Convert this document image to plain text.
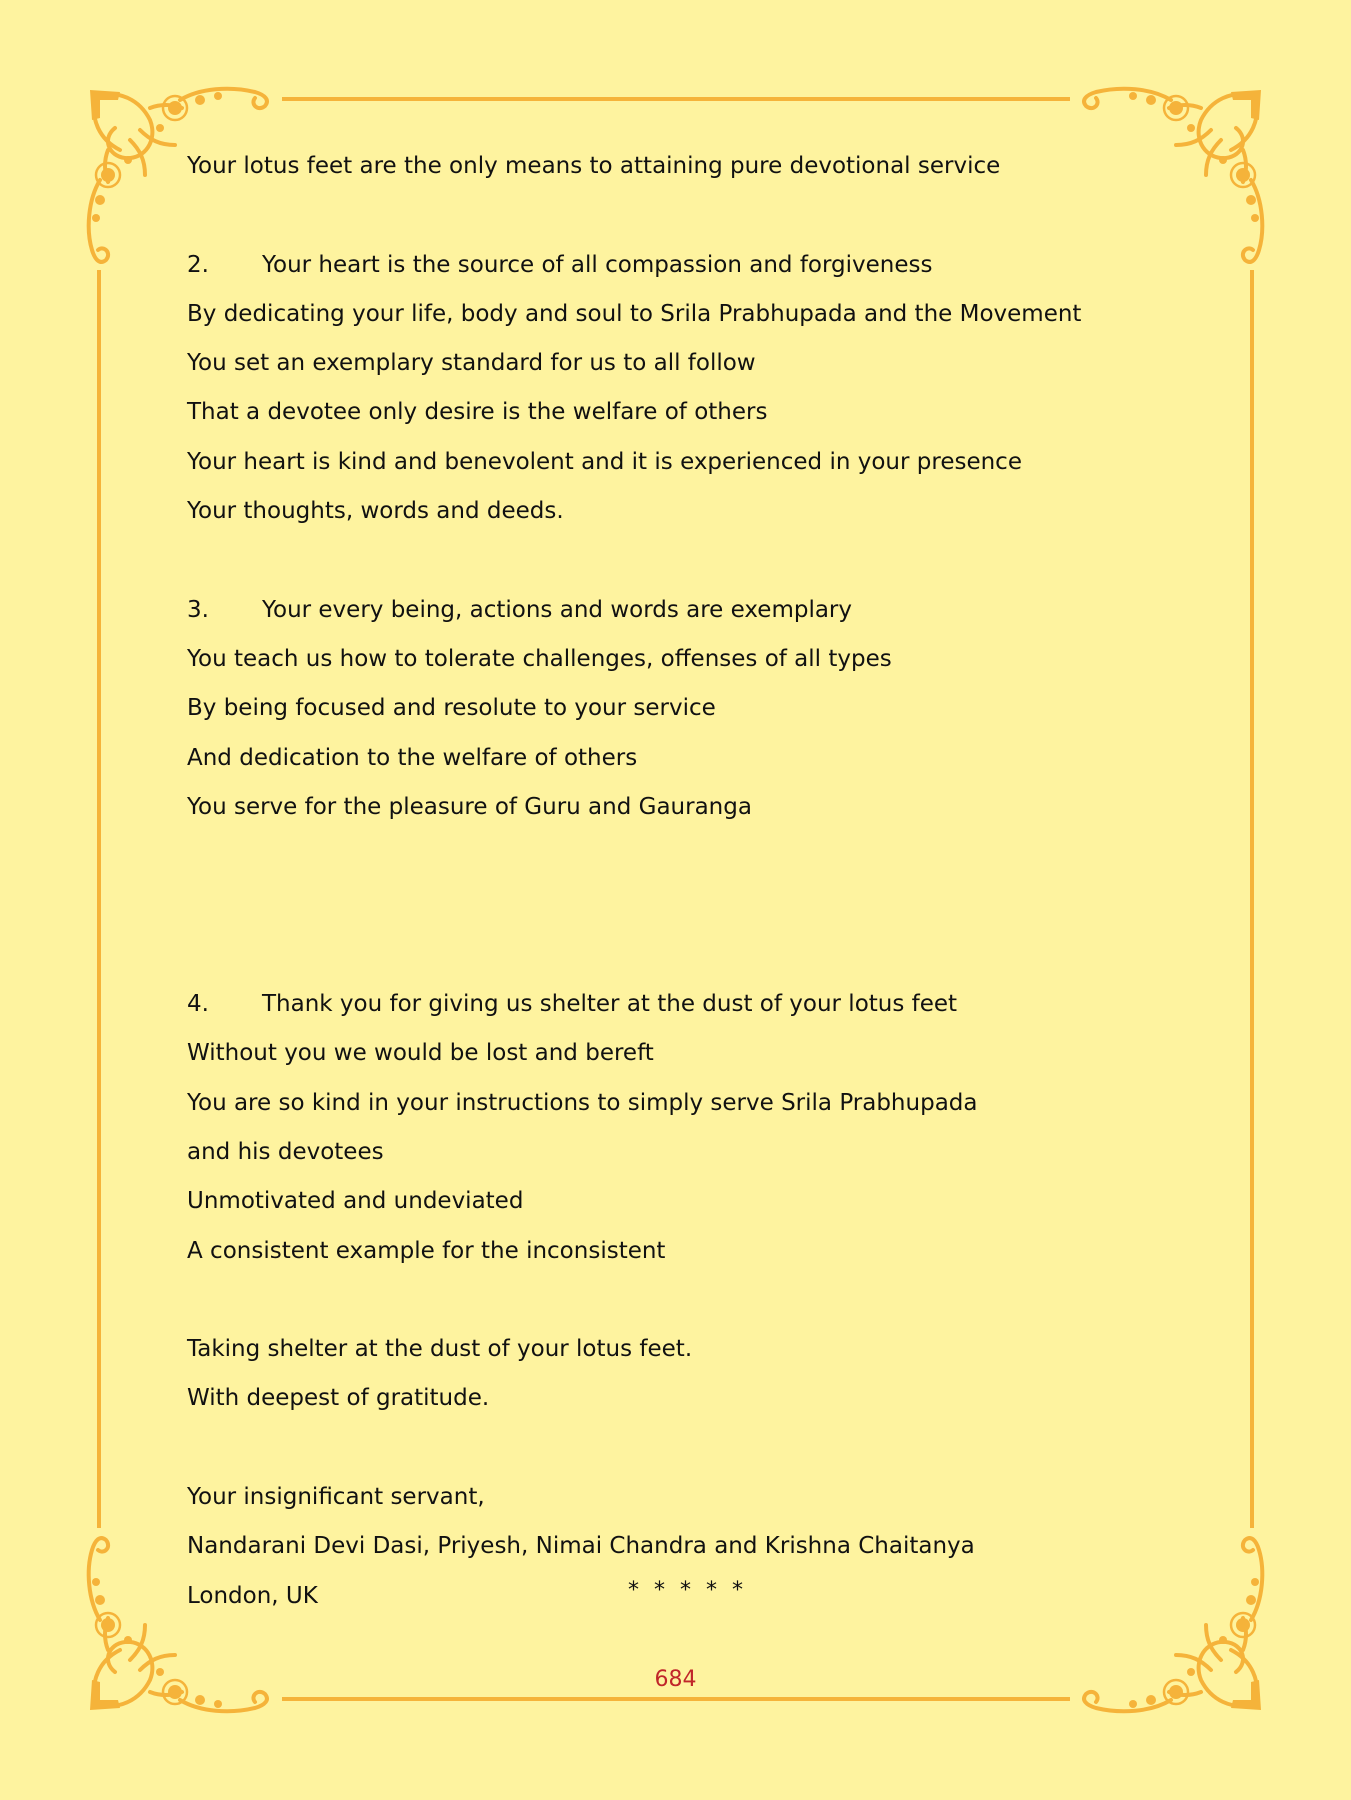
Your lotus feet are the only means to attaining pure devotional service
2. Your heart is the source of all compassion and forgiveness
By dedicating your life, body and soul to Srila Prabhupada and the Movement
You set an exemplary standard for us to all follow
That a devotee only desire is the welfare of others
Your heart is kind and benevolent and it is experienced in your presence
Your thoughts, words and deeds.
3. Your every being, actions and words are exemplary
You teach us how to tolerate challenges, offenses of all types
By being focused and resolute to your service
And dedication to the welfare of others
You serve for the pleasure of Guru and Gauranga
4. Thank you for giving us shelter at the dust of your lotus feet
Without you we would be lost and bereft
You are so kind in your instructions to simply serve Srila Prabhupada
and his devotees
Unmotivated and undeviated
A consistent example for the inconsistent
Taking shelter at the dust of your lotus feet.
With deepest of gratitude.
Your insignificant servant,
Nandarani Devi Dasi, Priyesh, Nimai Chandra and Krishna Chaitanya
London, UK	* * * * *
684
